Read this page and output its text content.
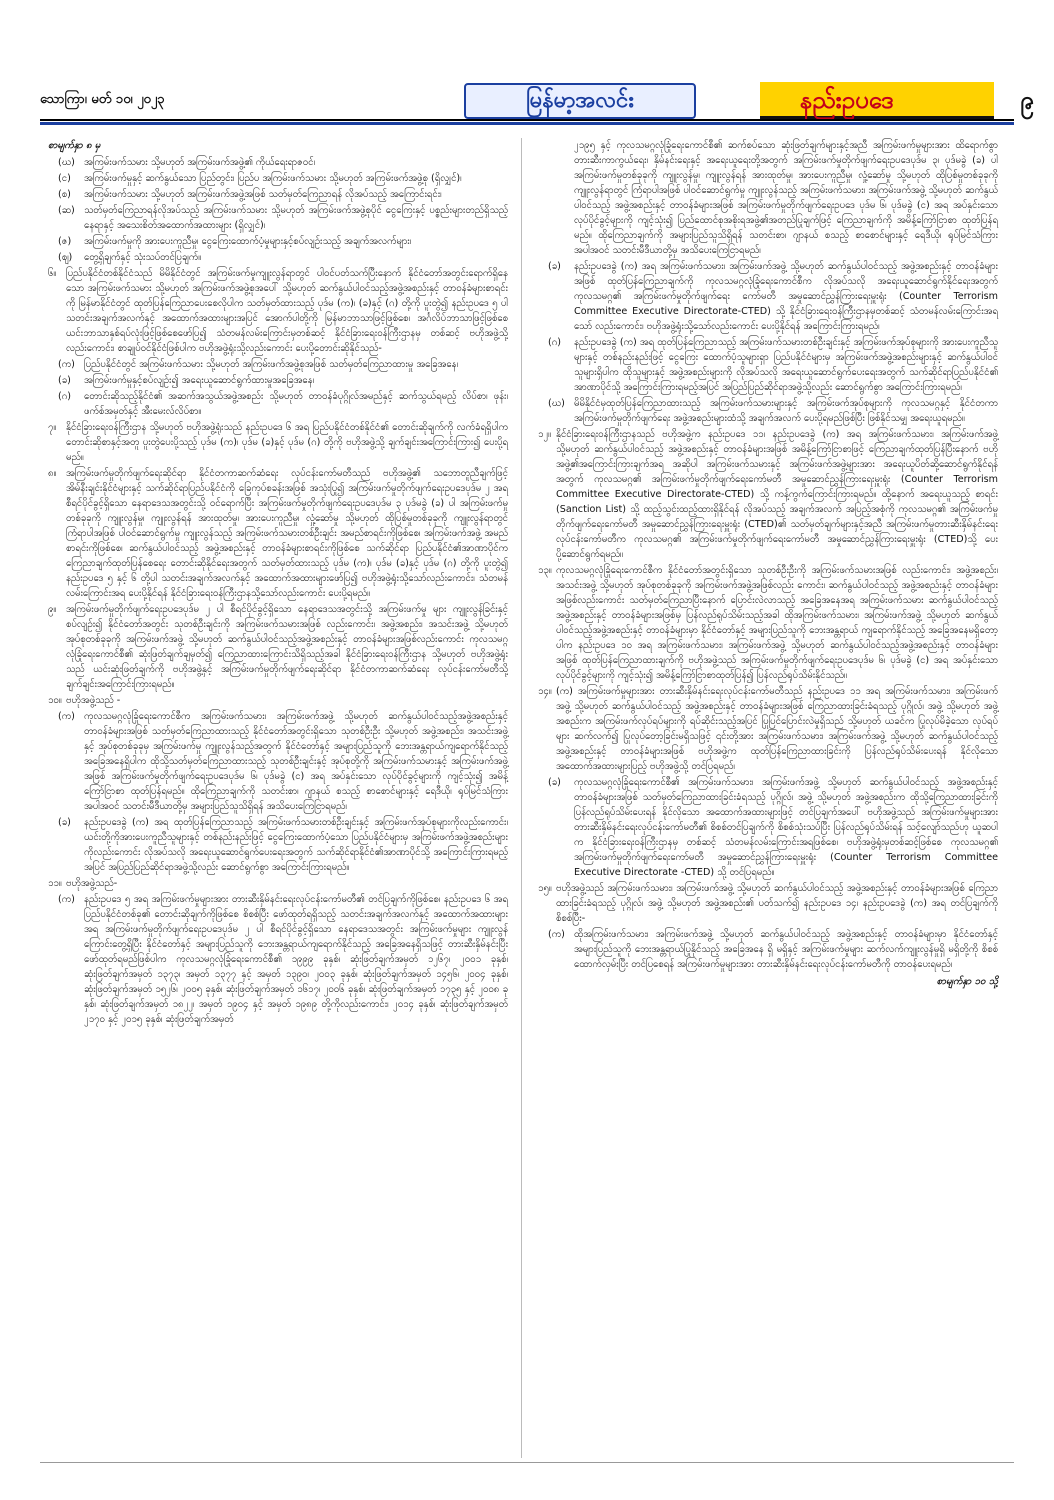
သောကြာ၊ မတ် ၁၀၊ ၂၀၂၃	မြန်မာ့အလင်း	နည်းဥပဒေ	၉
စာမျက်နှာ ၈ မှ
(ဃ) အကြမ်းဖက်သမား သို့မဟုတ် အကြမ်းဖက်အဖွဲ့၏ ကိုယ်ရေးရာဇဝင်၊
(င) အကြမ်းဖက်မှုနှင့် ဆက်နွယ်သော ပြည်တွင်း၊ ပြည်ပ အကြမ်းဖက်သမား သို့မဟုတ် အကြမ်းဖက်အဖွဲ့စု (ရှိလျှင်)၊
(စ) အကြမ်းဖက်သမား သို့မဟုတ် အကြမ်းဖက်အဖွဲ့အဖြစ် သတ်မှတ်ကြေညာရန် လိုအပ်သည့် အကြောင်းရင်း၊
(ဆ) သတ်မှတ်ကြေညာရန်လိုအပ်သည့် အကြမ်းဖက်သမား သို့မဟုတ် အကြမ်းဖက်အဖွဲ့စုပိုင် ငွေကြေးနှင့် ပစ္စည်းများတည်ရှိသည့်နေရာနှင့် အသေးစိတ်အထောက်အထားများ (ရှိလျှင်)၊
(ဇ) အကြမ်းဖက်မှုကို အားပေးကူညီမှု၊ ငွေကြေးထောက်ပံ့မှုများနှင့်စပ်လျဉ်းသည့် အချက်အလက်များ၊
(ဈ) တွေ့ရှိချက်နှင့် သုံးသပ်တင်ပြချက်။
၆။ ပြည်ပနိုင်ငံတစ်နိုင်ငံသည် မိမိနိုင်ငံတွင် အကြမ်းဖက်မှုကျူးလွန်ရာတွင် ပါဝင်ပတ်သက်ပြီးနောက် နိုင်ငံတော်အတွင်းရောက်ရှိနေသော အကြမ်းဖက်သမား သို့မဟုတ် အကြမ်းဖက်အဖွဲ့စုအပေါ် သို့မဟုတ် ဆက်နွယ်ပါဝင်သည့်အဖွဲ့အစည်းနှင့် တာဝန်ခံများစာရင်းကို မြန်မာနိုင်ငံတွင် ထုတ်ပြန်ကြေညာပေးစေလိုပါက သတ်မှတ်ထားသည့် ပုဒ်မ (က)၊ (ခ)နှင့် (ဂ) တို့ကို ပူးတွဲ၍ နည်းဥပဒေ ၅ ပါ သတင်းအချက်အလက်နှင့် အထောက်အထားများအပြင် အောက်ပါတို့ကို မြန်မာဘာသာဖြင့်ဖြစ်စေ၊ အင်္ဂလိပ်ဘာသာဖြင့်ဖြစ်စေ ယင်းဘာသာနှစ်ရပ်လုံးဖြင့်ဖြစ်စေဖော်ပြ၍ သံတမန်လမ်းကြောင်းမှတစ်ဆင့် နိုင်ငံခြားရေးဝန်ကြီးဌာနမှ တစ်ဆင့် ဗဟိုအဖွဲ့သို့လည်းကောင်း၊ စာချုပ်ဝင်နိုင်ငံဖြစ်ပါက ဗဟိုအဖွဲ့ရုံးသို့လည်းကောင်း ပေးပို့တောင်းဆိုနိုင်သည်-
(က) ပြည်ပနိုင်ငံတွင် အကြမ်းဖက်သမား သို့မဟုတ် အကြမ်းဖက်အဖွဲ့စုအဖြစ် သတ်မှတ်ကြေညာထားမှု အခြေအနေ၊
(ခ) အကြမ်းဖက်မှုနှင့်စပ်လျဉ်း၍ အရေးယူဆောင်ရွက်ထားမှုအခြေအနေ၊
(ဂ) တောင်းဆိုသည့်နိုင်ငံ၏ အဆက်အသွယ်အဖွဲ့အစည်း သို့မဟုတ် တာဝန်ခံပုဂ္ဂိုလ်အမည်နှင့် ဆက်သွယ်ရမည့် လိပ်စာ၊ ဖုန်း၊ ဖက်စ်အမှတ်နှင့် အီးမေးလ်လိပ်စာ။
၇။ နိုင်ငံခြားရေးဝန်ကြီးဌာန သို့မဟုတ် ဗဟိုအဖွဲ့ရုံးသည် နည်းဥပဒေ ၆ အရ ပြည်ပနိုင်ငံတစ်နိုင်ငံ၏ တောင်းဆိုချက်ကို လက်ခံရရှိပါက တောင်းဆိုစာနှင့်အတူ ပူးတွဲပေးပို့သည့် ပုဒ်မ (က)၊ ပုဒ်မ (ခ)နှင့် ပုဒ်မ (ဂ) တို့ကို ဗဟိုအဖွဲ့သို့ ချက်ချင်းအကြောင်းကြား၍ ပေးပို့ရမည်။
၈။ အကြမ်းဖက်မှုတိုက်ဖျက်ရေးဆိုင်ရာ နိုင်ငံတကာဆက်ဆံရေး လုပ်ငန်းကော်မတီသည် ဗဟိုအဖွဲ့၏ သဘောတူညီချက်ဖြင့် အိမ်နီးချင်းနိုင်ငံများနှင့် သက်ဆိုင်ရာပြည်ပနိုင်ငံကို ခြေကုပ်စခန်းအဖြစ် အသုံးပြု၍ အကြမ်းဖက်မှုတိုက်ဖျက်ရေးဥပဒေပုဒ်မ ၂ အရ စီရင်ပိုင်ခွင့်ရှိသော နေရာဒေသအတွင်းသို့ ဝင်ရောက်ပြီး အကြမ်းဖက်မှုတိုက်ဖျက်ရေးဥပဒေပုဒ်မ ၃ ပုဒ်မခွဲ (ခ) ပါ အကြမ်းဖက်မှုတစ်ခုခုကို ကျူးလွန်မှု၊ ကျူးလွန်ရန် အားထုတ်မှု၊ အားပေးကူညီမှု၊ လှုံ့ဆော်မှု သို့မဟုတ် ထိုပြစ်မှုတစ်ခုခုကို ကျူးလွန်ရာတွင် ကြံရာပါအဖြစ် ပါဝင်ဆောင်ရွက်မှု ကျူးလွန်သည့် အကြမ်းဖက်သမားတစ်ဦးချင်း အမည်စာရင်းကိုဖြစ်စေ၊ အကြမ်းဖက်အဖွဲ့ အမည်စာရင်းကိုဖြစ်စေ၊ ဆက်နွယ်ပါဝင်သည့် အဖွဲ့အစည်းနှင့် တာဝန်ခံများစာရင်းကိုဖြစ်စေ သက်ဆိုင်ရာ ပြည်ပနိုင်ငံ၏အာဏာပိုင်က ကြေညာချက်ထုတ်ပြန်စေရေး တောင်းဆိုနိုင်ရေးအတွက် သတ်မှတ်ထားသည့် ပုဒ်မ (က)၊ ပုဒ်မ (ခ)နှင့် ပုဒ်မ (ဂ) တို့ကို ပူးတွဲ၍ နည်းဥပဒေ ၅ နှင့် ၆ တို့ပါ သတင်းအချက်အလက်နှင့် အထောက်အထားများဖော်ပြ၍ ဗဟိုအဖွဲ့ရုံးသို့သော်လည်းကောင်း၊ သံတမန်လမ်းကြောင်းအရ ပေးပို့နိုင်ရန် နိုင်ငံခြားရေးဝန်ကြီးဌာနသို့သော်လည်းကောင်း ပေးပို့ရမည်။
၉။ အကြမ်းဖက်မှုတိုက်ဖျက်ရေးဥပဒေပုဒ်မ ၂ ပါ စီရင်ပိုင်ခွင့်ရှိသော နေရာဒေသအတွင်းသို့ အကြမ်းဖက်မှု များ ကျူးလွန်ခြင်းနှင့်စပ်လျဉ်း၍ နိုင်ငံတော်အတွင်း သုတစ်ဦးချင်းကို အကြမ်းဖက်သမားအဖြစ် လည်းကောင်း၊ အဖွဲ့အစည်း၊ အသင်းအဖွဲ့ သို့မဟုတ် အုပ်စုတစ်ခုခုကို အကြမ်းဖက်အဖွဲ့ သို့မဟုတ် ဆက်နွယ်ပါဝင်သည့်အဖွဲ့အစည်းနှင့် တာဝန်ခံများအဖြစ်လည်းကောင်း ကုလသမဂ္ဂလုံခြုံရေးကောင်စီ၏ ဆုံးဖြတ်ချက်ချမှတ်၍ ကြေညာထားကြောင်းသိရှိသည့်အခါ နိုင်ငံခြားရေးဝန်ကြီးဌာန သို့မဟုတ် ဗဟိုအဖွဲ့ရုံး သည် ယင်းဆုံးဖြတ်ချက်ကို ဗဟိုအဖွဲ့နှင့် အကြမ်းဖက်မှုတိုက်ဖျက်ရေးဆိုင်ရာ နိုင်ငံတကာဆက်ဆံရေး လုပ်ငန်းကော်မတီသို့ ချက်ချင်းအကြောင်းကြားရမည်။
၁၀။ ဗဟိုအဖွဲ့သည် -
(က) ကုလသမဂ္ဂလုံခြုံရေးကောင်စီက အကြမ်းဖက်သမား၊ အကြမ်းဖက်အဖွဲ့ သို့မဟုတ် ဆက်နွယ်ပါဝင်သည့်အဖွဲ့အစည်းနှင့် တာဝန်ခံများအဖြစ် သတ်မှတ်ကြေညာထားသည့် နိုင်ငံတော်အတွင်းရှိသော သုတစ်ဦးဦး သို့မဟုတ် အဖွဲ့အစည်း၊ အသင်းအဖွဲ့နှင့် အုပ်စုတစ်ခုခုမှ အကြမ်းဖက်မှု ကျူးလွန်သည့်အတွက် နိုင်ငံတော်နှင့် အများပြည်သူကို ဘေးအန္တရာယ်ကျရောက်နိုင်သည့် အခြေအနေရှိပါက ထိုသို့သတ်မှတ်ကြေညာထားသည့် သုတစ်ဦးချင်းနှင့် အုပ်စုတို့ကို အကြမ်းဖက်သမားနှင့် အကြမ်းဖက်အဖွဲ့အဖြစ် အကြမ်းဖက်မှုတိုက်ဖျက်ရေးဥပဒေပုဒ်မ ၆၊ ပုဒ်မခွဲ (င) အရ အပ်နှင်းသော လုပ်ပိုင်ခွင့်များကို ကျင့်သုံး၍ အမိန့်ကြော်ငြာစာ ထုတ်ပြန်ရမည်။ ထိုကြေညာချက်ကို သတင်းစာ၊ ဂျာနယ် စသည့် စာစောင်များနှင့် ရေဒီယို၊ ရုပ်မြင်သံကြားအပါအဝင် သတင်းမီဒီယာတို့မှ အများပြည်သူသိရှိရန် အသိပေးကြေငြာရမည်၊
(ခ) နည်းဥပဒေခွဲ (က) အရ ထုတ်ပြန်ကြေညာသည့် အကြမ်းဖက်သမားတစ်ဦးချင်းနှင့် အကြမ်းဖက်အုပ်စုများကိုလည်းကောင်း၊ ယင်းတို့ကိုအားပေးကူညီသူများနှင့် တစ်နည်းနည်းဖြင့် ငွေကြေးထောက်ပံ့သော ပြည်ပနိုင်ငံများမှ အကြမ်းဖက်အဖွဲ့အစည်းများကိုလည်းကောင်း လိုအပ်သလို အရေးယူဆောင်ရွက်ပေးရေးအတွက် သက်ဆိုင်ရာနိုင်ငံ၏အာဏာပိုင်သို့ အကြောင်းကြားရမည့်အပြင် အပြည်ပြည်ဆိုင်ရာအဖွဲ့သို့လည်း ဆောင်ရွက်စွာ အကြောင်းကြားရမည်။
၁၁။ ဗဟိုအဖွဲ့သည်-
(က) နည်းဥပဒေ ၅ အရ အကြမ်းဖက်မှုများအား တားဆီးနှိမ်နင်းရေးလုပ်ငန်းကော်မတီ၏ တင်ပြချက်ကိုဖြစ်စေ၊ နည်းဥပဒေ ၆ အရ ပြည်ပနိုင်ငံတစ်ခု၏ တောင်းဆိုချက်ကိုဖြစ်စေ စိစစ်ပြီး ဖော်ထုတ်ရရှိသည့် သတင်းအချက်အလက်နှင့် အထောက်အထားများအရ အကြမ်းဖက်မှုတိုက်ဖျက်ရေးဥပဒေပုဒ်မ ၂ ပါ စီရင်ပိုင်ခွင့်ရှိသော နေရာဒေသအတွင်း အကြမ်းဖက်မှုများ ကျူးလွန်ကြောင်းတွေ့ရှိပြီး နိုင်ငံတော်နှင့် အများပြည်သူကို ဘေးအန္တရာယ်ကျရောက်နိုင်သည့် အခြေအနေရှိသဖြင့် တားဆီးနှိမ်နင်းပြီး ဖော်ထုတ်ရမည်ဖြစ်ပါက ကုလသမဂ္ဂလုံခြုံရေးကောင်စီ၏ ၁၉၉၉ ခုနှစ်၊ ဆုံးဖြတ်ချက်အမှတ် ၁၂၆၇၊ ၂၀၀၁ ခုနှစ်၊ ဆုံးဖြတ်ချက်အမှတ် ၁၃၇၃၊ အမှတ် ၁၃၇၇ နှင့် အမှတ် ၁၃၉၀၊ ၂၀၀၃ ခုနှစ်၊ ဆုံးဖြတ်ချက်အမှတ် ၁၄၅၆၊ ၂၀၀၄ ခုနှစ်၊ ဆုံးဖြတ်ချက်အမှတ် ၁၅၂၆၊ ၂၀၀၅ ခုနှစ်၊ ဆုံးဖြတ်ချက်အမှတ် ၁၆၁၇၊ ၂၀၀၆ ခုနှစ်၊ ဆုံးဖြတ်ချက်အမှတ် ၁၇၃၅ နှင့် ၂၀၀၈ ခုနှစ်၊ ဆုံးဖြတ်ချက်အမှတ် ၁၈၂၂၊ အမှတ် ၁၉၀၄ နှင့် အမှတ် ၁၉၈၉ တို့ကိုလည်းကောင်း၊ ၂၀၁၄ ခုနှစ်၊ ဆုံးဖြတ်ချက်အမှတ် ၂၁၇၀ နှင့် ၂၀၁၅ ခုနှစ်၊ ဆုံးဖြတ်ချက်အမှတ်
၂၁၉၅ နှင့် ကုလသမဂ္ဂလုံခြုံရေးကောင်စီ၏ ဆက်စပ်သော ဆုံးဖြတ်ချက်များနှင့်အညီ အကြမ်းဖက်မှုများအား ထိရောက်စွာတားဆီးကာကွယ်ရေး၊ နှိမ်နင်းရေးနှင့် အရေးယူရေးတို့အတွက် အကြမ်းဖက်မှုတိုက်ဖျက်ရေးဥပဒေပုဒ်မ ၃၊ ပုဒ်မခွဲ (ခ) ပါ အကြမ်းဖက်မှုတစ်ခုခုကို ကျူးလွန်မှု၊ ကျူးလွန်ရန် အားထုတ်မှု၊ အားပေးကူညီမှု၊ လှုံ့ဆော်မှု သို့မဟုတ် ထိုပြစ်မှုတစ်ခုခုကို ကျူးလွန်ရာတွင် ကြံရာပါအဖြစ် ပါဝင်ဆောင်ရွက်မှု ကျူးလွန်သည့် အကြမ်းဖက်သမား၊ အကြမ်းဖက်အဖွဲ့ သို့မဟုတ် ဆက်နွယ်ပါဝင်သည့် အဖွဲ့အစည်းနှင့် တာဝန်ခံများအဖြစ် အကြမ်းဖက်မှုတိုက်ဖျက်ရေးဥပဒေ ပုဒ်မ ၆၊ ပုဒ်မခွဲ (င) အရ အပ်နှင်းသော လုပ်ပိုင်ခွင့်များကို ကျင့်သုံး၍ ပြည်ထောင်စုအစိုးရအဖွဲ့၏အတည်ပြုချက်ဖြင့် ကြေညာချက်ကို အမိန့်ကြော်ငြာစာ ထုတ်ပြန်ရမည်။ ထိုကြေညာချက်ကို အများပြည်သူသိရှိရန် သတင်းစာ၊ ဂျာနယ် စသည့် စာစောင်များနှင့် ရေဒီယို၊ ရုပ်မြင်သံကြားအပါအဝင် သတင်းမီဒီယာတို့မှ အသိပေးကြေငြာရမည်၊
(ခ) နည်းဥပဒေခွဲ (က) အရ အကြမ်းဖက်သမား၊ အကြမ်းဖက်အဖွဲ့ သို့မဟုတ် ဆက်နွယ်ပါဝင်သည့် အဖွဲ့အစည်းနှင့် တာဝန်ခံများအဖြစ် ထုတ်ပြန်ကြေညာချက်ကို ကုလသမဂ္ဂလုံခြုံရေးကောင်စီက လိုအပ်သလို အရေးယူဆောင်ရွက်နိုင်ရေးအတွက် ကုလသမဂ္ဂ၏ အကြမ်းဖက်မှုတိုက်ဖျက်ရေး ကော်မတီ အမှုဆောင်ညွှန်ကြားရေးမှူးရုံး (Counter Terrorism Committee Executive Directorate-CTED) သို့ နိုင်ငံခြားရေးဝန်ကြီးဌာနမှတစ်ဆင့် သံတမန်လမ်းကြောင်းအရသော် လည်းကောင်း၊ ဗဟိုအဖွဲ့ရုံးသို့သော်လည်းကောင်း ပေးပို့နိုင်ရန် အကြောင်းကြားရမည်၊
(ဂ) နည်းဥပဒေခွဲ (က) အရ ထုတ်ပြန်ကြေညာသည့် အကြမ်းဖက်သမားတစ်ဦးချင်းနှင့် အကြမ်းဖက်အုပ်စုများကို အားပေးကူညီသူများနှင့် တစ်နည်းနည်းဖြင့် ငွေကြေး ထောက်ပံ့သူများရှာ ပြည်ပနိုင်ငံများမှ အကြမ်းဖက်အဖွဲ့အစည်းများနှင့် ဆက်နွယ်ပါဝင်သူများရှိပါက ထိုသူများနှင့် အဖွဲ့အစည်းများကို လိုအပ်သလို အရေးယူဆောင်ရွက်ပေးရေးအတွက် သက်ဆိုင်ရာပြည်ပနိုင်ငံ၏ အာဏာပိုင်သို့ အကြောင်းကြားရမည့်အပြင် အပြည်ပြည်ဆိုင်ရာအဖွဲ့သို့လည်း ဆောင်ရွက်စွာ အကြောင်းကြားရမည်၊
(ဃ) မိမိနိုင်ငံမှထုတ်ပြန်ကြေညာထားသည့် အကြမ်းဖက်သမားများနှင့် အကြမ်းဖက်အုပ်စုများကို ကုလသမဂ္ဂနှင့် နိုင်ငံတကာအကြမ်းဖက်မှုတိုက်ဖျက်ရေး အဖွဲ့အစည်းများထံသို့ အချက်အလက် ပေးပို့ရမည်ဖြစ်ပြီး ဖြစ်နိုင်သမျှ အရေးယူရမည်။
၁၂။ နိုင်ငံခြားရေးဝန်ကြီးဌာနသည် ဗဟိုအဖွဲ့က နည်းဥပဒေ ၁၁၊ နည်းဥပဒေခွဲ (က) အရ အကြမ်းဖက်သမား၊ အကြမ်းဖက်အဖွဲ့ သို့မဟုတ် ဆက်နွယ်ပါဝင်သည့် အဖွဲ့အစည်းနှင့် တာဝန်ခံများအဖြစ် အမိန့်ကြော်ငြာစာဖြင့် ကြေညာချက်ထုတ်ပြန်ပြီးနောက် ဗဟိုအဖွဲ့၏အကြောင်းကြားချက်အရ အဆိုပါ အကြမ်းဖက်သမားနှင့် အကြမ်းဖက်အဖွဲ့များအား အရေးယူပိတ်ဆို့ဆောင်ရွက်နိုင်ရန်အတွက် ကုလသမဂ္ဂ၏ အကြမ်းဖက်မှုတိုက်ဖျက်ရေးကော်မတီ အမှုဆောင်ညွှန်ကြားရေးမှူးရုံး (Counter Terrorism Committee Executive Directorate-CTED) သို့ ကန့်ကွက်ကြောင်းကြားရမည်။ ထို့နောက် အရေးယူသည့် စာရင်း (Sanction List) သို့ ထည့်သွင်းထည့်ထားရှိနိုင်ရန် လိုအပ်သည့် အချက်အလက် အပြည့်အစုံကို ကုလသမဂ္ဂ၏ အကြမ်းဖက်မှုတိုက်ဖျက်ရေးကော်မတီ အမှုဆောင်ညွှန်ကြားရေးမှူးရုံး (CTED)၏ သတ်မှတ်ချက်များနှင့်အညီ အကြမ်းဖက်မှုတားဆီးနှိမ်နင်းရေးလုပ်ငန်းကော်မတီက ကုလသမဂ္ဂ၏ အကြမ်းဖက်မှုတိုက်ဖျက်ရေးကော်မတီ အမှုဆောင်ညွှန်ကြားရေးမှူးရုံး (CTED)သို့ ပေးပို့ဆောင်ရွက်ရမည်။
၁၃။ ကုလသမဂ္ဂလုံခြုံရေးကောင်စီက နိုင်ငံတော်အတွင်းရှိသော သုတစ်ဦးဦးကို အကြမ်းဖက်သမားအဖြစ် လည်းကောင်း၊ အဖွဲ့အစည်း၊ အသင်းအဖွဲ့ သို့မဟုတ် အုပ်စုတစ်ခုခုကို အကြမ်းဖက်အဖွဲ့အဖြစ်လည်း ကောင်း၊ ဆက်နွယ်ပါဝင်သည့် အဖွဲ့အစည်းနှင့် တာဝန်ခံများအဖြစ်လည်းကောင်း သတ်မှတ်ကြေညာပြီးနောက် ပြောင်းလဲလာသည့် အခြေအနေအရ အကြမ်းဖက်သမား ဆက်နွယ်ပါဝင်သည့် အဖွဲ့အစည်းနှင့် တာဝန်ခံများအဖြစ်မှ ပြန်လည်ရုပ်သိမ်းသည့်အခါ ထိုအကြမ်းဖက်သမား၊ အကြမ်းဖက်အဖွဲ့ သို့မဟုတ် ဆက်နွယ်ပါဝင်သည့်အဖွဲ့အစည်းနှင့် တာဝန်ခံများမှာ နိုင်ငံတော်နှင့် အများပြည်သူကို ဘေးအန္တရာယ် ကျရောက်နိုင်သည့် အခြေအနေမရှိတော့ပါက နည်းဥပဒေ ၁၀ အရ အကြမ်းဖက်သမား၊ အကြမ်းဖက်အဖွဲ့ သို့မဟုတ် ဆက်နွယ်ပါဝင်သည့်အဖွဲ့အစည်းနှင့် တာဝန်ခံများအဖြစ် ထုတ်ပြန်ကြေညာထားချက်ကို ဗဟိုအဖွဲ့သည် အကြမ်းဖက်မှုတိုက်ဖျက်ရေးဥပဒေပုဒ်မ ၆၊ ပုဒ်မခွဲ (င) အရ အပ်နှင်းသော လုပ်ပိုင်ခွင့်များကို ကျင့်သုံး၍ အမိန့်ကြော်ငြာစာထုတ်ပြန်၍ ပြန်လည်ရုပ်သိမ်းနိုင်သည်။
၁၄။ (က) အကြမ်းဖက်မှုများအား တားဆီးနှိမ်နင်းရေးလုပ်ငန်းကော်မတီသည် နည်းဥပဒေ ၁၁ အရ အကြမ်းဖက်သမား၊ အကြမ်းဖက်အဖွဲ့ သို့မဟုတ် ဆက်နွယ်ပါဝင်သည့် အဖွဲ့အစည်းနှင့် တာဝန်ခံများအဖြစ် ကြေညာထားခြင်းခံရသည့် ပုဂ္ဂိုလ်၊ အဖွဲ့ သို့မဟုတ် အဖွဲ့အစည်းက အကြမ်းဖက်လုပ်ရပ်များကို ရပ်ဆိုင်းသည့်အပြင် ပြုပြင်ပြောင်းလဲမှုရှိသည် သို့မဟုတ် ယခင်က ပြုလုပ်မိခဲ့သော လုပ်ရပ်များ ဆက်လက်၍ ပြုလုပ်တော့ခြင်းမရှိသဖြင့် ၎င်းတို့အား အကြမ်းဖက်သမား၊ အကြမ်းဖက်အဖွဲ့ သို့မဟုတ် ဆက်နွယ်ပါဝင်သည့် အဖွဲ့အစည်းနှင့် တာဝန်ခံများအဖြစ် ဗဟိုအဖွဲ့က ထုတ်ပြန်ကြေညာထားခြင်းကို ပြန်လည်ရုပ်သိမ်းပေးရန် နိုင်လိုသောအထောက်အထားများပြည့် ဗဟိုအဖွဲ့သို့ တင်ပြရမည်၊
(ခ) ကုလသမဂ္ဂလုံခြုံရေးကောင်စီ၏ အကြမ်းဖက်သမား၊ အကြမ်းဖက်အဖွဲ့ သို့မဟုတ် ဆက်နွယ်ပါဝင်သည့် အဖွဲ့အစည်းနှင့် တာဝန်ခံများအဖြစ် သတ်မှတ်ကြေညာထားခြင်းခံရသည့် ပုဂ္ဂိုလ်၊ အဖွဲ့ သို့မဟုတ် အဖွဲ့အစည်းက ထိုသို့ကြေညာထားခြင်းကို ပြန်လည်ရုပ်သိမ်းပေးရန် နိုင်လိုသော အထောက်အထားများဖြင့် တင်ပြချက်အပေါ် ဗဟိုအဖွဲ့သည် အကြမ်းဖက်မှုများအား တားဆီးနှိမ်နင်းရေးလုပ်ငန်းကော်မတီ၏ စိစစ်တင်ပြချက်ကို စိစစ်သုံးသပ်ပြီး ပြန်လည်ရုပ်သိမ်းရန် သင့်လျော်သည်ဟု ယူဆပါက နိုင်ငံခြားရေးဝန်ကြီးဌာနမှ တစ်ဆင့် သံတမန်လမ်းကြောင်းအရဖြစ်စေ၊ ဗဟိုအဖွဲ့ရုံးမှတစ်ဆင့်ဖြစ်စေ ကုလသမဂ္ဂ၏ အကြမ်းဖက်မှုတိုက်ဖျက်ရေးကော်မတီ အမှုဆောင်ညွှန်ကြားရေးမှူးရုံး (Counter Terrorism Committee Executive Directorate -CTED) သို့ တင်ပြရမည်။
၁၅။ ဗဟိုအဖွဲ့သည် အကြမ်းဖက်သမား၊ အကြမ်းဖက်အဖွဲ့ သို့မဟုတ် ဆက်နွယ်ပါဝင်သည့် အဖွဲ့အစည်းနှင့် တာဝန်ခံများအဖြစ် ကြေညာထားခြင်းခံရသည့် ပုဂ္ဂိုလ်၊ အဖွဲ့ သို့မဟုတ် အဖွဲ့အစည်း၏ ပတ်သက်၍ နည်းဥပဒေ ၁၄၊ နည်းဥပဒေခွဲ (က) အရ တင်ပြချက်ကို စိစစ်ပြီး-
(က) ထိုအကြမ်းဖက်သမား၊ အကြမ်းဖက်အဖွဲ့ သို့မဟုတ် ဆက်နွယ်ပါဝင်သည့် အဖွဲ့အစည်းနှင့် တာဝန်ခံများမှာ နိုင်ငံတော်နှင့် အများပြည်သူကို ဘေးအန္တရာယ်ပြုနိုင်သည့် အခြေအနေ ရှိ မရှိနှင့် အကြမ်းဖက်မှုများ ဆက်လက်ကျူးလွန်မှုရှိ မရှိတို့ကို စိစစ်ထောက်လှမ်းပြီး တင်ပြစေရန် အကြမ်းဖက်မှုများအား တားဆီးနှိမ်နင်းရေးလုပ်ငန်းကော်မတီကို တာဝန်ပေးရမည်၊
စာမျက်နှာ ၁၀ သို့
